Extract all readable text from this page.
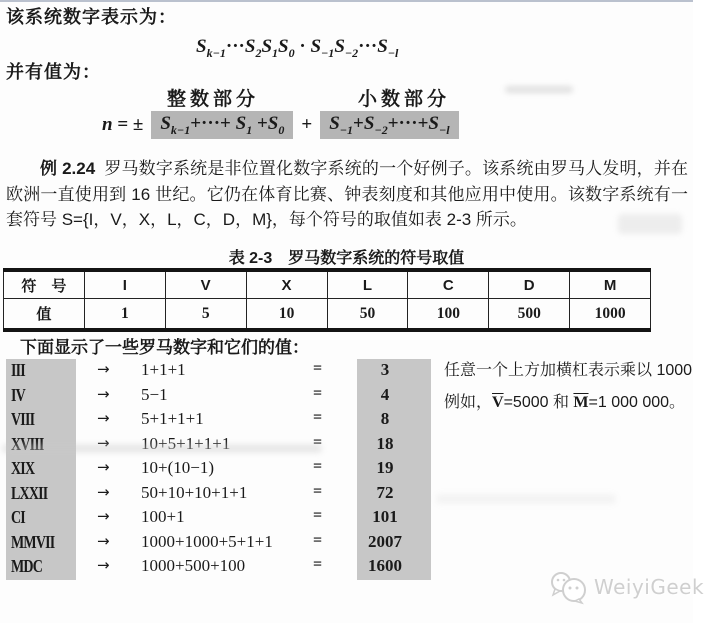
该系统数字表示为：
$S_{k-1}\cdot\cdot\cdot S_2S_1S_0 \cdot S_{-1}S_{-2}\cdot\cdot\cdot S_{-l}$
并有值为：
整数部分	小数部分
n = ± $S_{k-1}+\cdot\cdot\cdot+ S_1 +S_0 + S_{-1}+S_{-2}+\cdot\cdot\cdot+S_{-l}$

例 2.24 罗马数字系统是非位置化数字系统的一个好例子。该系统由罗马人发明，并在欧洲一直使用到 16 世纪。它仍在体育比赛、钟表刻度和其他应用中使用。该数字系统有一套符号 S={I，V，X，L，C，D，M}，每个符号的取值如表 2-3 所示。

表 2-3　罗马数字系统的符号取值
符　号	I	V	X	L	C	D	M
值	1	5	10	50	100	500	1000
下面显示了一些罗马数字和它们的值：
III	→ 1+1+1	=	3
IV	→ 5−1	=	4
VIII	→ 5+1+1+1	=	8
XVIII	→ 10+5+1+1+1	=	18
XIX	→ 10+(10−1)	=	19
LXXII	→ 50+10+10+1+1	=	72
CI	→ 100+1	=	101
MMVII	→ 1000+1000+5+1+1	=	2007
MDC	→ 1000+500+100	=	1600
任意一个上方加横杠表示乘以 1000
例如，$\overline{V}=5000$ 和 $\overline{M}=1$ 000 000。
WeiyiGeek
